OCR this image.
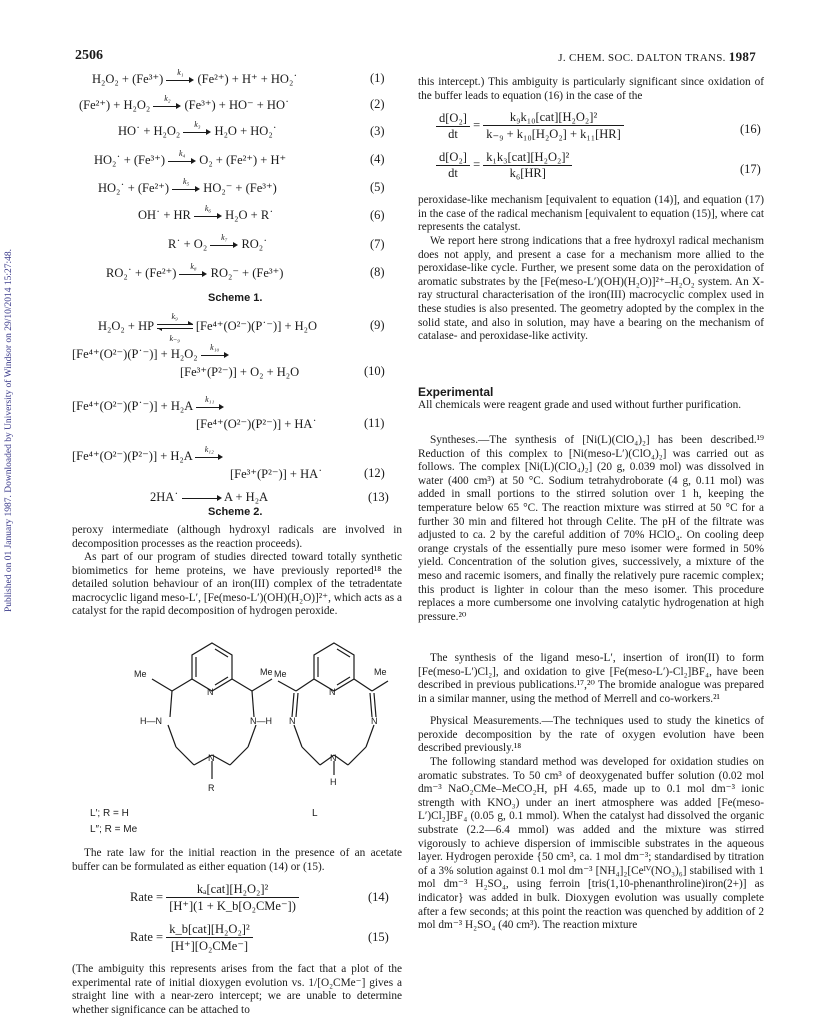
Published on 01 January 1987. Downloaded by University of Windsor on 29/10/2014 15:27:48.
2506	J. CHEM. SOC. DALTON TRANS. 1987
H₂O₂ + (Fe³⁺)	k₁	(Fe²⁺) + H⁺ + HO₂˙	(1)
(Fe²⁺) + H₂O₂	k₂	(Fe³⁺) + HO⁻ + HO˙	(2)
HO˙ + H₂O₂	k₃	H₂O + HO₂˙	(3)
HO₂˙ + (Fe³⁺)	k₄	O₂ + (Fe²⁺) + H⁺	(4)
HO₂˙ + (Fe²⁺)	k₅	HO₂⁻ + (Fe³⁺)	(5)
OH˙ + HR	k₆	H₂O + R˙	(6)
R˙ + O₂	k₇	RO₂˙	(7)
RO₂˙ + (Fe²⁺)	k₈	RO₂⁻ + (Fe³⁺)	(8)
Scheme 1.
H₂O₂ + HP
k₉
k₋₉
[Fe⁴⁺(O²⁻)(P˙⁻)] + H₂O	(9)
[Fe⁴⁺(O²⁻)(P˙⁻)] + H₂O₂	k₁₀
[Fe³⁺(P²⁻)] + O₂ + H₂O	(10)
[Fe⁴⁺(O²⁻)(P˙⁻)] + H₂A	k₁₁
[Fe⁴⁺(O²⁻)(P²⁻)] + HA˙	(11)
[Fe⁴⁺(O²⁻)(P²⁻)] + H₂A	k₁₂
[Fe³⁺(P²⁻)] + HA˙	(12)
2HA˙	A + H₂A	(13)
Scheme 2.
peroxy intermediate (although hydroxyl radicals are involved in decomposition processes as the reaction proceeds).
As part of our program of studies directed toward totally synthetic biomimetics for heme proteins, we have previously reported¹⁸ the detailed solution behaviour of an iron(III) complex of the tetradentate macrocyclic ligand meso-L′, [Fe(meso-L′)(OH)(H₂O)]²⁺, which acts as a catalyst for the rapid decomposition of hydrogen peroxide.
Me	Me
N
H—N	N—H
N
R
Me	Me
N
N	N
N
H
L′; R = H	L
L″; R = Me
The rate law for the initial reaction in the presence of an acetate buffer can be formulated as either equation (14) or (15).
Rate = $\frac{\text{kₐ[cat][H₂O₂]²}}{\text{[H⁺](1 + K\_b[O₂CMe⁻])}}$	(14)
Rate = $\frac{\text{k\_b[cat][H₂O₂]²}}{\text{[H⁺][O₂CMe⁻]}}$	(15)
(The ambiguity this represents arises from the fact that a plot of the experimental rate of initial dioxygen evolution vs. 1/[O₂CMe⁻] gives a straight line with a near-zero intercept; we are unable to determine whether significance can be attached to
this intercept.) This ambiguity is particularly significant since oxidation of the buffer leads to equation (16) in the case of the
$\frac{\text{d[O₂]}}{dt} = \frac{\text{k₉k₁₀[cat][H₂O₂]²}}{\text{k₋₉ + k₁₀[H₂O₂] + k₁₁[HR]}}$	(16)
$\frac{\text{d[O₂]}}{dt} = \frac{\text{k₁k₃[cat][H₂O₂]²}}{\text{k₆[HR]}}$	(17)
peroxidase-like mechanism [equivalent to equation (14)], and equation (17) in the case of the radical mechanism [equivalent to equation (15)], where cat represents the catalyst.
We report here strong indications that a free hydroxyl radical mechanism does not apply, and present a case for a mechanism more allied to the peroxidase-like cycle. Further, we present some data on the peroxidation of aromatic substrates by the [Fe(meso-L′)(OH)(H₂O)]²⁺–H₂O₂ system. An X-ray structural characterisation of the iron(III) macrocyclic complex used in these studies is also presented. The geometry adopted by the complex in the solid state, and also in solution, may have a bearing on the mechanism of catalase- and peroxidase-like activity.
Experimental
All chemicals were reagent grade and used without further purification.
Syntheses.—The synthesis of [Ni(L)(ClO₄)₂] has been described.¹⁹ Reduction of this complex to [Ni(meso-L′)(ClO₄)₂] was carried out as follows. The complex [Ni(L)(ClO₄)₂] (20 g, 0.039 mol) was dissolved in water (400 cm³) at 50 °C. Sodium tetrahydroborate (4 g, 0.11 mol) was added in small portions to the stirred solution over 1 h, keeping the temperature below 65 °C. The reaction mixture was stirred at 50 °C for a further 30 min and filtered hot through Celite. The pH of the filtrate was adjusted to ca. 2 by the careful addition of 70% HClO₄. On cooling deep orange crystals of the essentially pure meso isomer were formed in 50% yield. Concentration of the solution gives, successively, a mixture of the meso and racemic isomers, and finally the relatively pure racemic complex; this product is lighter in colour than the meso isomer. This procedure replaces a more cumbersome one involving catalytic hydrogenation at high pressure.²⁰
The synthesis of the ligand meso-L′, insertion of iron(II) to form [Fe(meso-L′)Cl₂], and oxidation to give [Fe(meso-L′)-Cl₂]BF₄, have been described in previous publications.¹⁷,²⁰ The bromide analogue was prepared in a similar manner, using the method of Merrell and co-workers.²¹
Physical Measurements.—The techniques used to study the kinetics of peroxide decomposition by the rate of oxygen evolution have been described previously.¹⁸
The following standard method was developed for oxidation studies on aromatic substrates. To 50 cm³ of deoxygenated buffer solution (0.02 mol dm⁻³ NaO₂CMe–MeCO₂H, pH 4.65, made up to 0.1 mol dm⁻³ ionic strength with KNO₃) under an inert atmosphere was added [Fe(meso-L′)Cl₂]BF₄ (0.05 g, 0.1 mmol). When the catalyst had dissolved the organic substrate (2.2—6.4 mmol) was added and the mixture was stirred vigorously to achieve dispersion of immiscible substrates in the aqueous layer. Hydrogen peroxide {50 cm³, ca. 1 mol dm⁻³; standardised by titration of a 3% solution against 0.1 mol dm⁻³ [NH₄]₂[Ceᴵⱽ(NO₃)₆] stabilised with 1 mol dm⁻³ H₂SO₄, using ferroin [tris(1,10-phenanthroline)iron(2+)] as indicator} was added in bulk. Dioxygen evolution was usually complete after a few seconds; at this point the reaction was quenched by addition of 2 mol dm⁻³ H₂SO₄ (40 cm³). The reaction mixture
